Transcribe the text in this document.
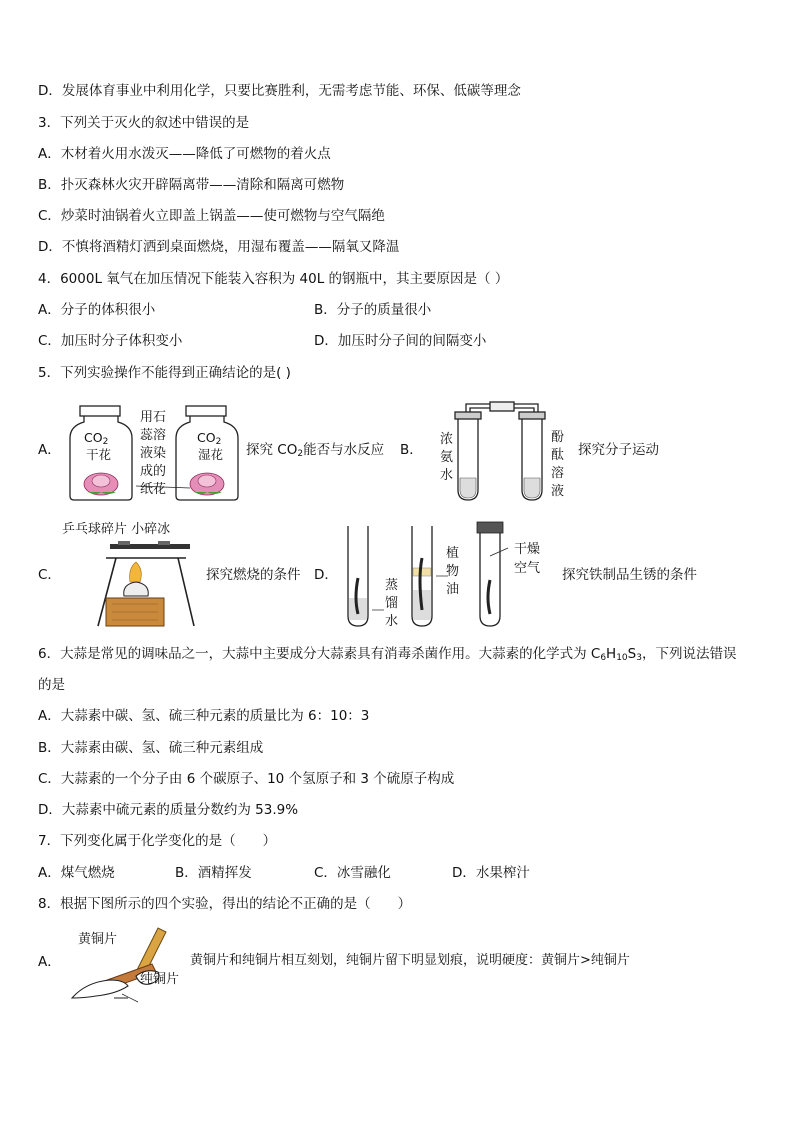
D．发展体育事业中利用化学，只要比赛胜利，无需考虑节能、环保、低碳等理念
3．下列关于灭火的叙述中错误的是
A．木材着火用水泼灭——降低了可燃物的着火点
B．扑灭森林火灾开辟隔离带——清除和隔离可燃物
C．炒菜时油锅着火立即盖上锅盖——使可燃物与空气隔绝
D．不慎将酒精灯洒到桌面燃烧，用湿布覆盖——隔氧又降温
4．6000L 氧气在加压情况下能装入容积为 40L 的钢瓶中，其主要原因是（ ）
A．分子的体积很小	B．分子的质量很小
C．加压时分子体积变小	D．加压时分子间的间隔变小
5．下列实验操作不能得到正确结论的是( )
A．
$CO_2$
干花
$CO_2$
湿花
用石
蕊溶
液染
成的
纸花
探究 $CO_2$能否与水反应 B．
浓
氨
水
酚
酞
溶
液
探究分子运动
乒乓球碎片 小碎冰
C．	探究燃烧的条件 D．
蒸
馏
水
植
物
油
干燥
空气 探究铁制品生锈的条件
6．大蒜是常见的调味品之一，大蒜中主要成分大蒜素具有消毒杀菌作用。大蒜素的化学式为 $C_6H_{10}S_3$，下列说法错误
的是
A．大蒜素中碳、氢、硫三种元素的质量比为 6：10：3
B．大蒜素由碳、氢、硫三种元素组成
C．大蒜素的一个分子由 6 个碳原子、10 个氢原子和 3 个硫原子构成
D．大蒜素中硫元素的质量分数约为 53.9%
7．下列变化属于化学变化的是（　　）
A．煤气燃烧	B．酒精挥发	C．冰雪融化	D．水果榨汁
8．根据下图所示的四个实验，得出的结论不正确的是（　　）
A．
黄铜片
纯铜片
黄铜片和纯铜片相互刻划，纯铜片留下明显划痕，说明硬度：黄铜片>纯铜片
